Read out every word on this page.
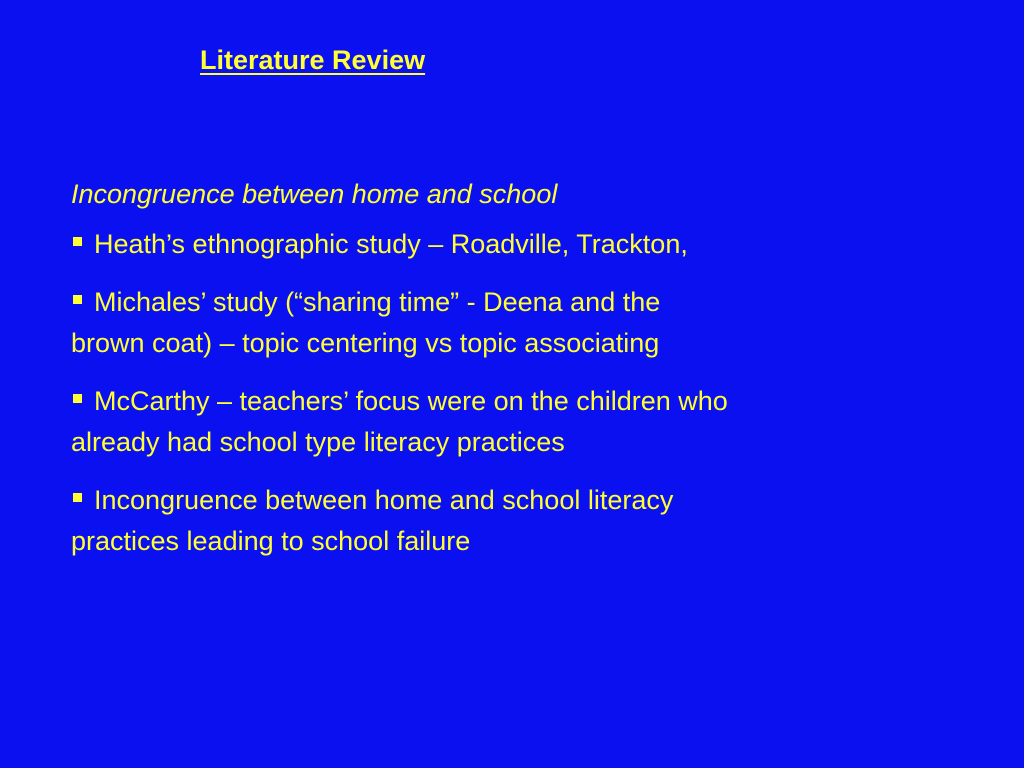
Literature Review

Incongruence between home and school

Heath’s ethnographic study – Roadville, Trackton,
Michales’ study (“sharing time” - Deena and the
brown coat) – topic centering vs topic associating
McCarthy – teachers’ focus were on the children who
already had school type literacy practices
Incongruence between home and school literacy
practices leading to school failure
